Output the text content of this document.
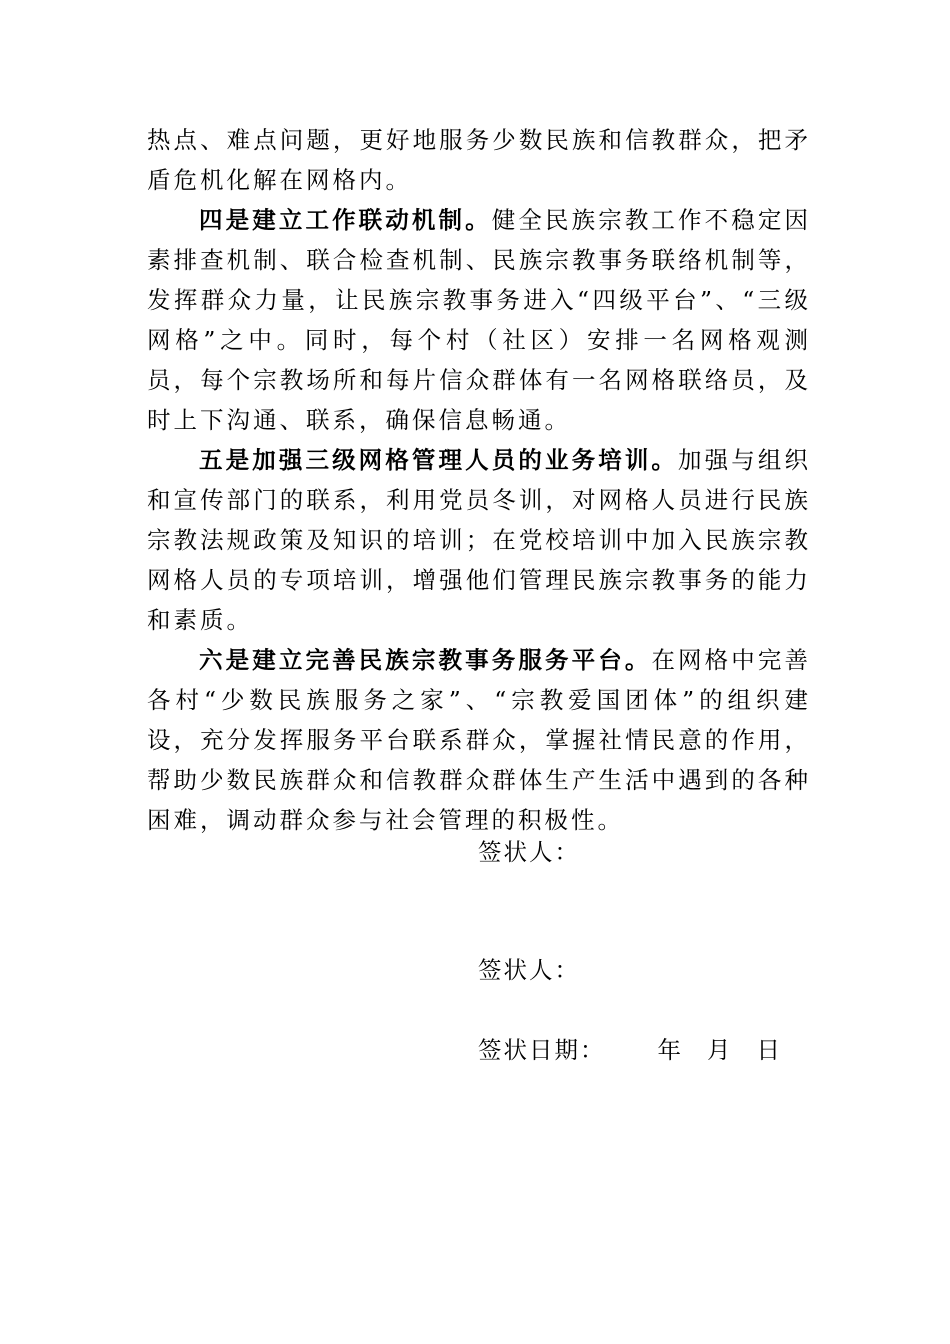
热点、难点问题，更好地服务少数民族和信教群众，把矛盾危机化解在网格内。

四是建立工作联动机制。健全民族宗教工作不稳定因素排查机制、联合检查机制、民族宗教事务联络机制等，发挥群众力量，让民族宗教事务进入“四级平台”、“三级网格”之中。同时，每个村（社区）安排一名网格观测员，每个宗教场所和每片信众群体有一名网格联络员，及时上下沟通、联系，确保信息畅通。

五是加强三级网格管理人员的业务培训。加强与组织和宣传部门的联系，利用党员冬训，对网格人员进行民族宗教法规政策及知识的培训；在党校培训中加入民族宗教网格人员的专项培训，增强他们管理民族宗教事务的能力和素质。

六是建立完善民族宗教事务服务平台。在网格中完善各村“少数民族服务之家”、“宗教爱国团体”的组织建设，充分发挥服务平台联系群众，掌握社情民意的作用，帮助少数民族群众和信教群众群体生产生活中遇到的各种困难，调动群众参与社会管理的积极性。

签状人：
签状人：
签状日期： 年 月 日
